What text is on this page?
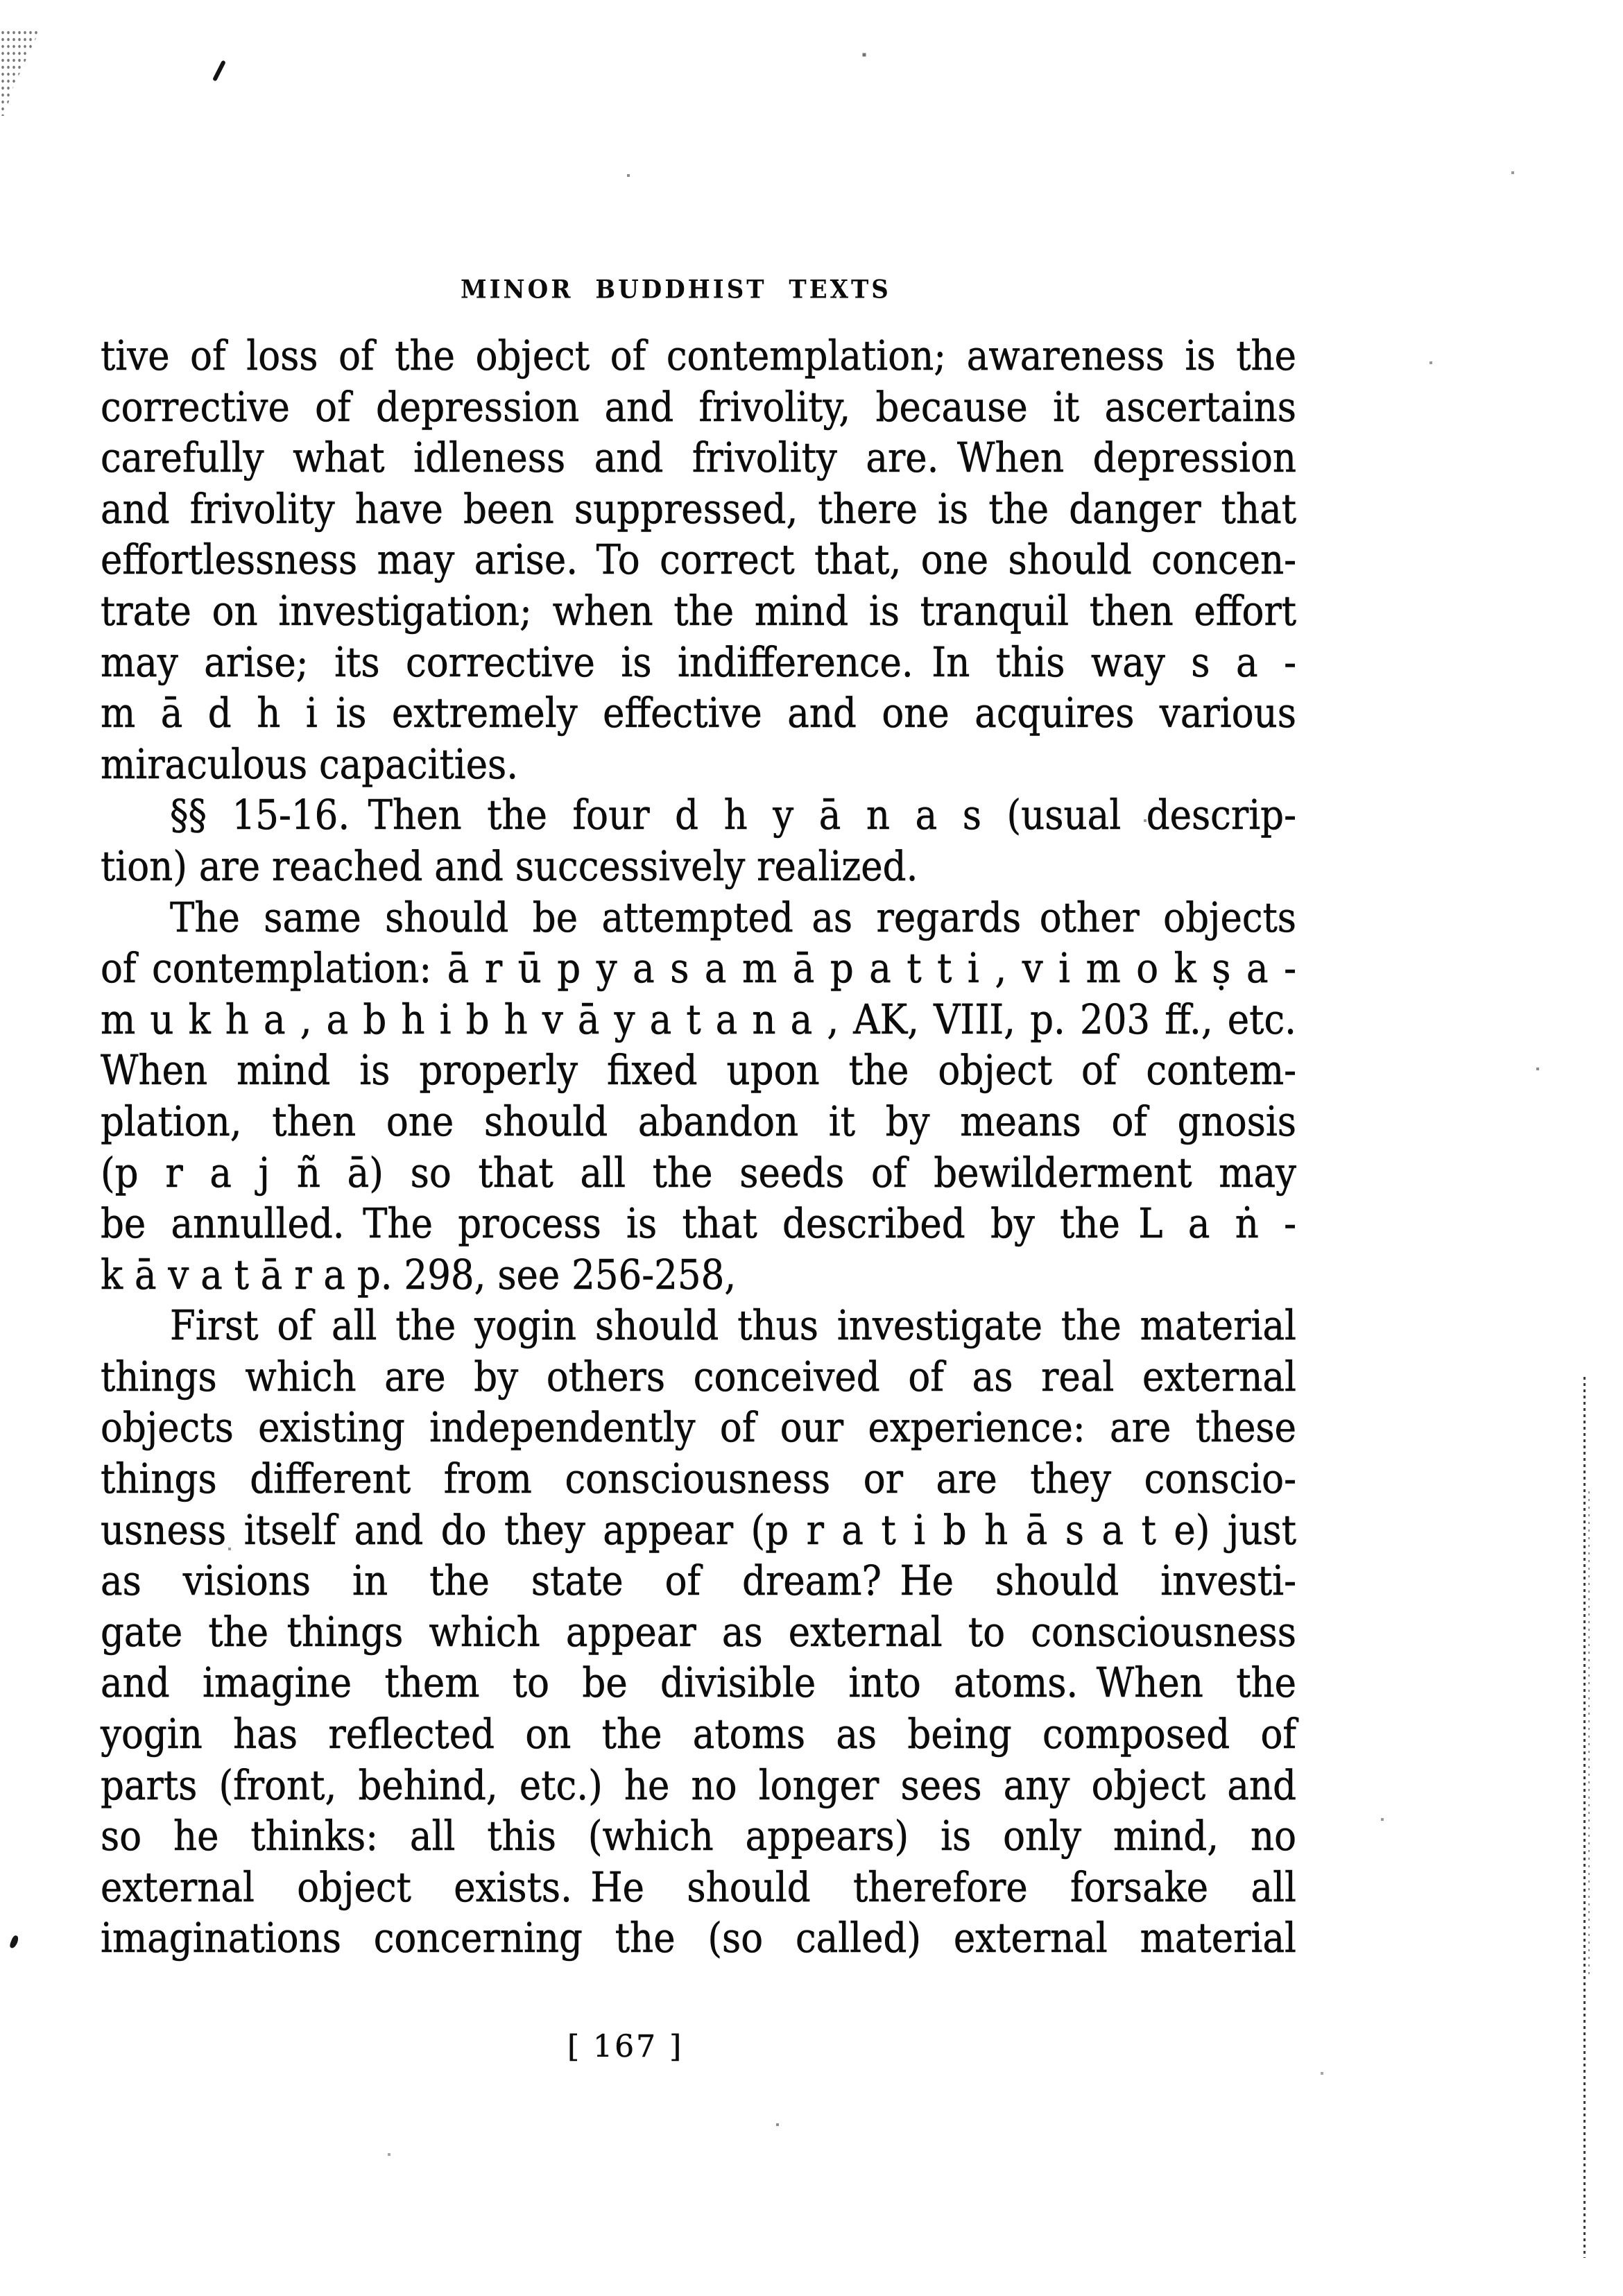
MINOR BUDDHIST TEXTS
tive of loss of the object of contemplation; awareness is the
corrective of depression and frivolity, because it ascertains
carefully what idleness and frivolity are. When depression
and frivolity have been suppressed, there is the danger that
effortlessness may arise. To correct that, one should concen-
trate on investigation; when the mind is tranquil then effort
may arise; its corrective is indifference. In this way s a -
m ā d h i is extremely effective and one acquires various
miraculous capacities.
§§ 15-16. Then the four d h y ā n a s (usual descrip-
tion) are reached and successively realized.
The same should be attempted as regards other objects
of contemplation: ā r ū p y a s a m ā p a t t i , v i m o k ṣ a -
m u k h a , a b h i b h v ā y a t a n a , AK, VIII, p. 203 ff., etc.
When mind is properly fixed upon the object of contem-
plation, then one should abandon it by means of gnosis
(p r a j ñ ā) so that all the seeds of bewilderment may
be annulled. The process is that described by the L a ṅ -
k ā v a t ā r a p. 298, see 256-258,
First of all the yogin should thus investigate the material
things which are by others conceived of as real external
objects existing independently of our experience: are these
things different from consciousness or are they conscio-
usness itself and do they appear (p r a t i b h ā s a t e) just
as visions in the state of dream? He should investi-
gate the things which appear as external to consciousness
and imagine them to be divisible into atoms. When the
yogin has reflected on the atoms as being composed of
parts (front, behind, etc.) he no longer sees any object and
so he thinks: all this (which appears) is only mind, no
external object exists. He should therefore forsake all
imaginations concerning the (so called) external material
[ 167 ]
